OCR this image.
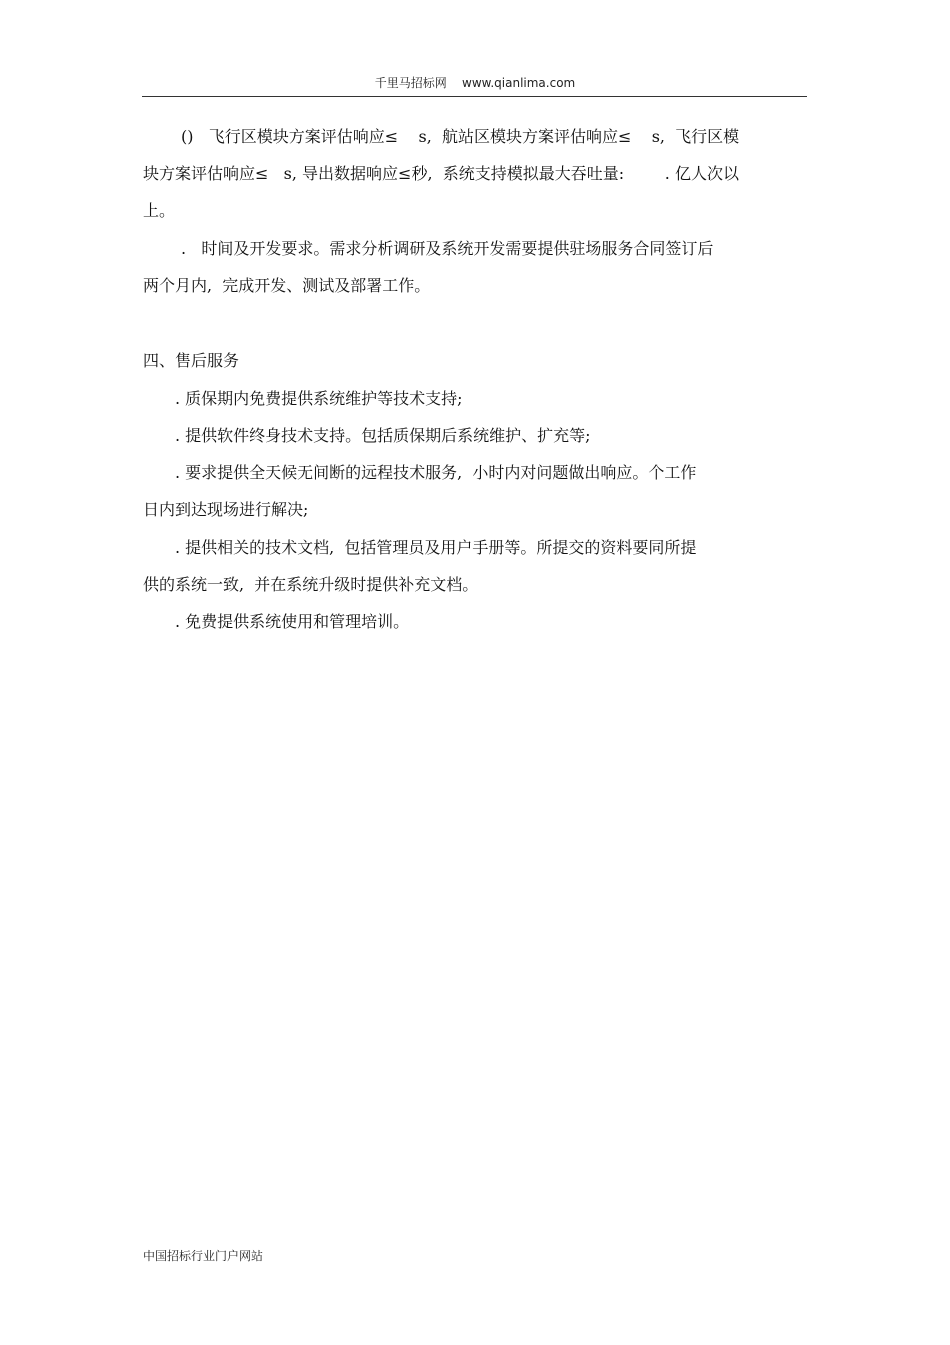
千里马招标网    www.qianlima.com
()   飞行区模块方案评估响应≤    s,  航站区模块方案评估响应≤    s,  飞行区模
块方案评估响应≤   s, 导出数据响应≤秒,  系统支持模拟最大吞吐量:        . 亿人次以
上。
.   时间及开发要求。需求分析调研及系统开发需要提供驻场服务合同签订后
两个月内,  完成开发、测试及部署工作。
四、售后服务
. 质保期内免费提供系统维护等技术支持;
. 提供软件终身技术支持。包括质保期后系统维护、扩充等;
. 要求提供全天候无间断的远程技术服务,  小时内对问题做出响应。个工作
日内到达现场进行解决;
. 提供相关的技术文档,  包括管理员及用户手册等。所提交的资料要同所提
供的系统一致,  并在系统升级时提供补充文档。
. 免费提供系统使用和管理培训。
中国招标行业门户网站
